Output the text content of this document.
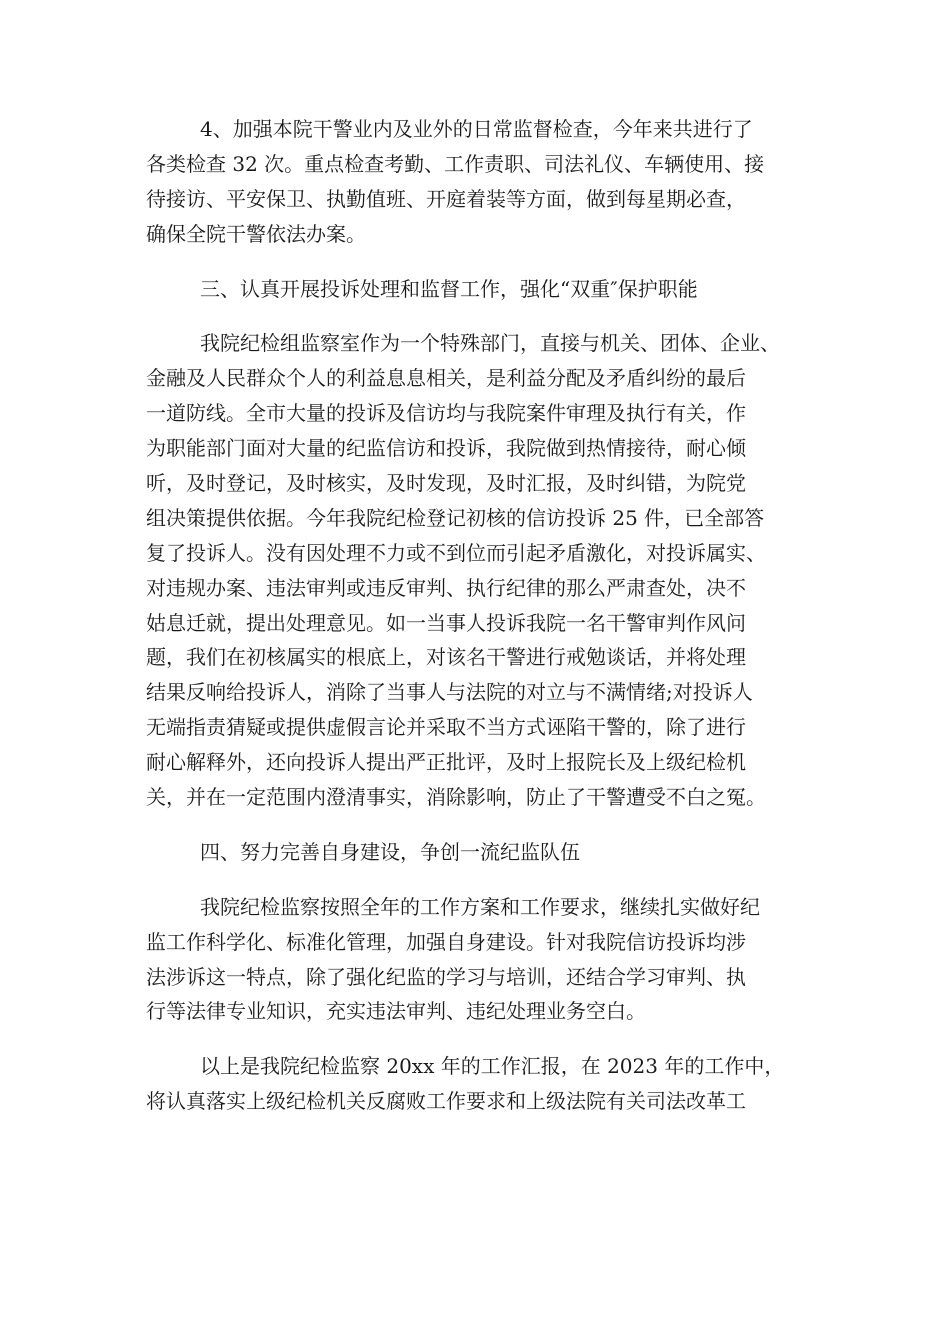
4、加强本院干警业内及业外的日常监督检查，今年来共进行了
各类检查 32 次。重点检查考勤、工作责职、司法礼仪、车辆使用、接
待接访、平安保卫、执勤值班、开庭着装等方面，做到每星期必查，
确保全院干警依法办案。
三、认真开展投诉处理和监督工作，强化“双重″保护职能
我院纪检组监察室作为一个特殊部门，直接与机关、团体、企业、
金融及人民群众个人的利益息息相关，是利益分配及矛盾纠纷的最后
一道防线。全市大量的投诉及信访均与我院案件审理及执行有关，作
为职能部门面对大量的纪监信访和投诉，我院做到热情接待，耐心倾
听，及时登记，及时核实，及时发现，及时汇报，及时纠错，为院党
组决策提供依据。今年我院纪检登记初核的信访投诉 25 件，已全部答
复了投诉人。没有因处理不力或不到位而引起矛盾激化，对投诉属实、
对违规办案、违法审判或违反审判、执行纪律的那么严肃查处，决不
姑息迁就，提出处理意见。如一当事人投诉我院一名干警审判作风问
题，我们在初核属实的根底上，对该名干警进行戒勉谈话，并将处理
结果反响给投诉人，消除了当事人与法院的对立与不满情绪;对投诉人
无端指责猜疑或提供虚假言论并采取不当方式诬陷干警的，除了进行
耐心解释外，还向投诉人提出严正批评，及时上报院长及上级纪检机
关，并在一定范围内澄清事实，消除影响，防止了干警遭受不白之冤。
四、努力完善自身建设，争创一流纪监队伍
我院纪检监察按照全年的工作方案和工作要求，继续扎实做好纪
监工作科学化、标准化管理，加强自身建设。针对我院信访投诉均涉
法涉诉这一特点，除了强化纪监的学习与培训，还结合学习审判、执
行等法律专业知识，充实违法审判、违纪处理业务空白。
以上是我院纪检监察 20xx 年的工作汇报，在 2023 年的工作中，
将认真落实上级纪检机关反腐败工作要求和上级法院有关司法改革工
